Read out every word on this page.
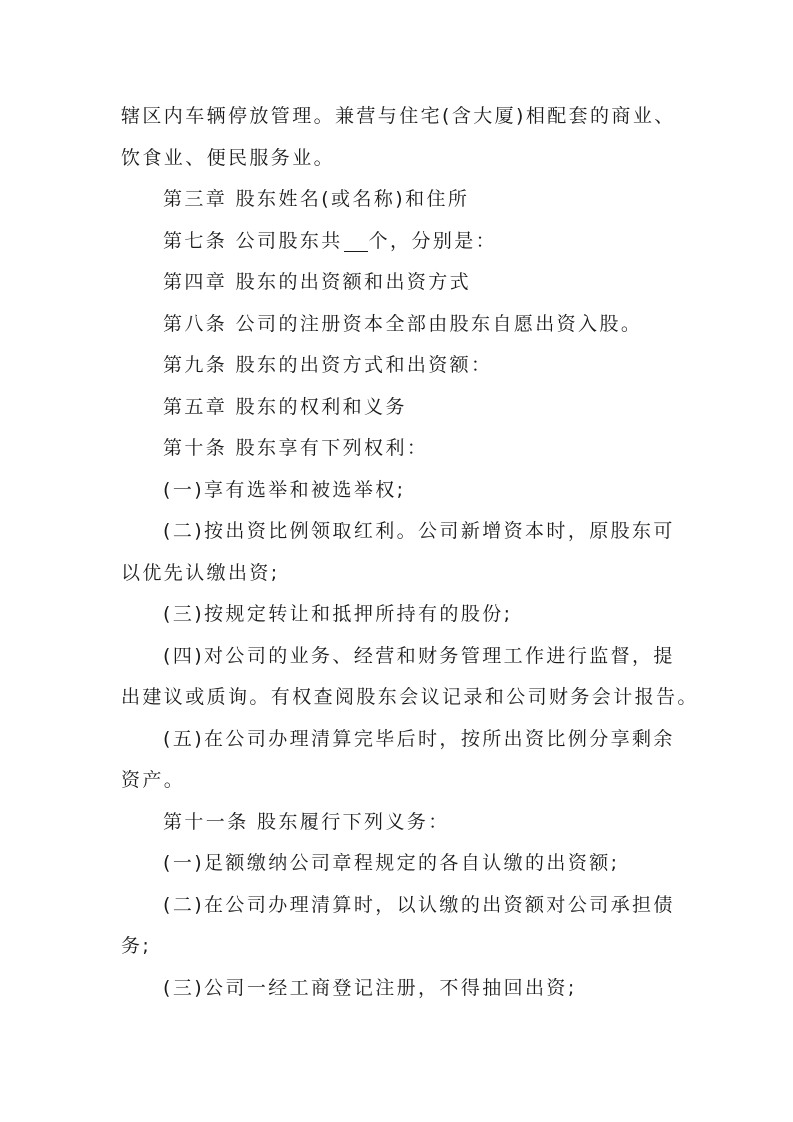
辖区内车辆停放管理。兼营与住宅(含大厦)相配套的商业、
饮食业、便民服务业。
第三章 股东姓名(或名称)和住所
第七条 公司股东共 个，分别是：
第四章 股东的出资额和出资方式
第八条 公司的注册资本全部由股东自愿出资入股。
第九条 股东的出资方式和出资额：
第五章 股东的权利和义务
第十条 股东享有下列权利：
(一)享有选举和被选举权;
(二)按出资比例领取红利。公司新增资本时，原股东可
以优先认缴出资;
(三)按规定转让和抵押所持有的股份;
(四)对公司的业务、经营和财务管理工作进行监督，提
出建议或质询。有权查阅股东会议记录和公司财务会计报告。
(五)在公司办理清算完毕后时，按所出资比例分享剩余
资产。
第十一条 股东履行下列义务：
(一)足额缴纳公司章程规定的各自认缴的出资额;
(二)在公司办理清算时，以认缴的出资额对公司承担债
务;
(三)公司一经工商登记注册，不得抽回出资;
